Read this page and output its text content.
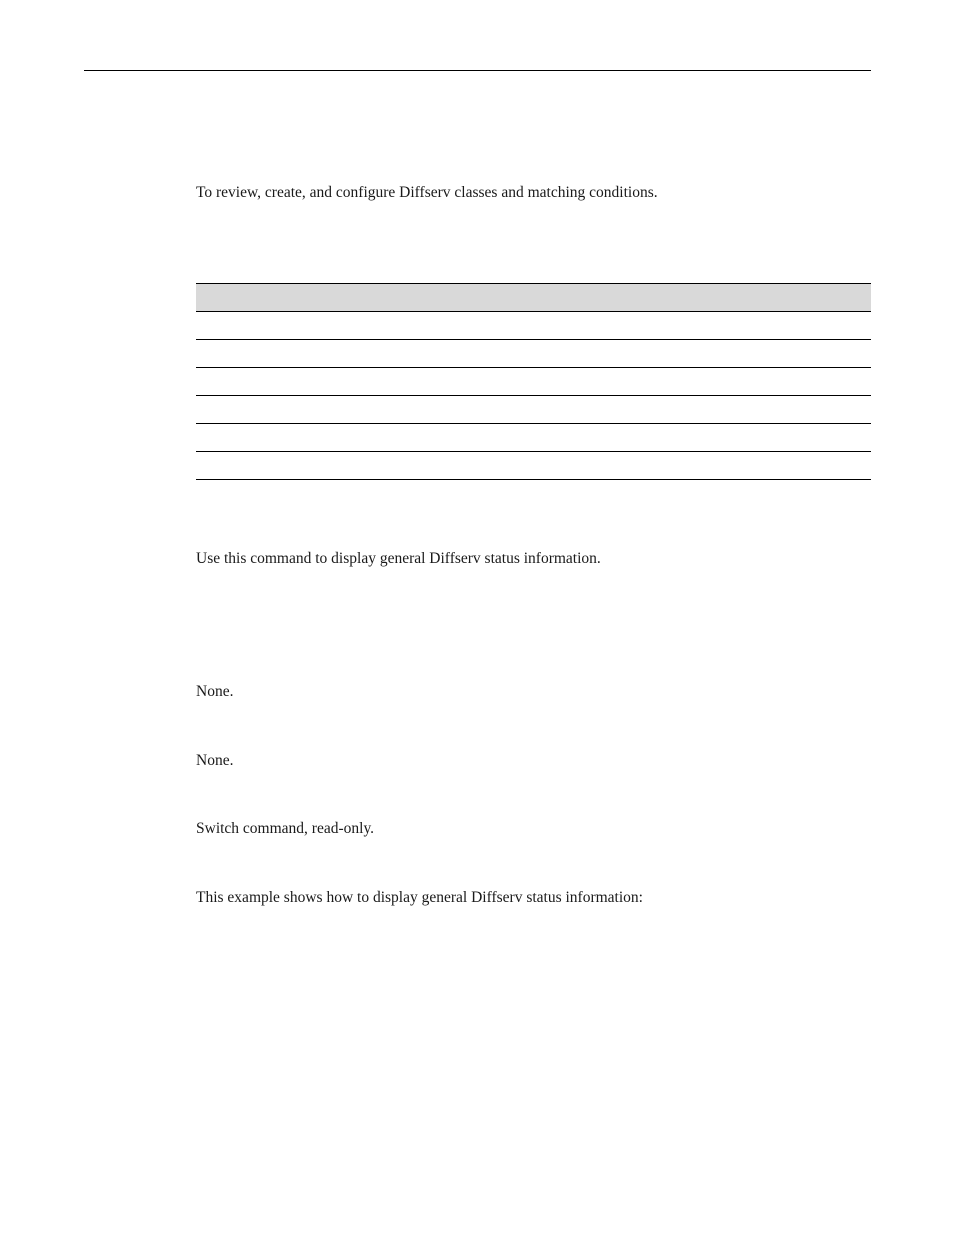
To review, create, and configure Diffserv classes and matching conditions.

Use this command to display general Diffserv status information.

None.

None.

Switch command, read-only.

This example shows how to display general Diffserv status information:
